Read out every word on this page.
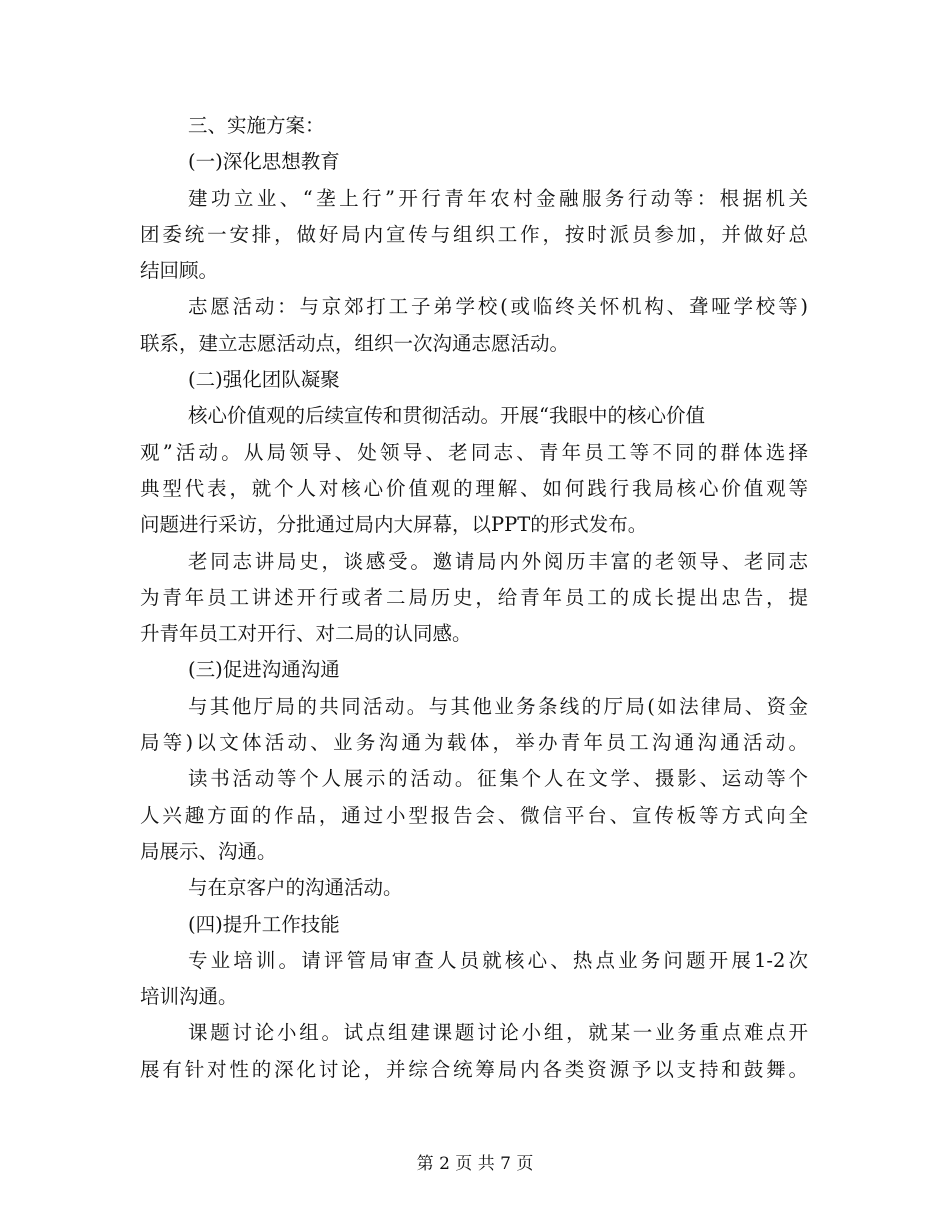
三、实施方案：
(一)深化思想教育
建功立业、“垄上行”开行青年农村金融服务行动等：根据机关
团委统一安排，做好局内宣传与组织工作，按时派员参加，并做好总
结回顾。
志愿活动：与京郊打工子弟学校(或临终关怀机构、聋哑学校等)
联系，建立志愿活动点，组织一次沟通志愿活动。
(二)强化团队凝聚
核心价值观的后续宣传和贯彻活动。开展“我眼中的核心价值
观”活动。从局领导、处领导、老同志、青年员工等不同的群体选择
典型代表，就个人对核心价值观的理解、如何践行我局核心价值观等
问题进行采访，分批通过局内大屏幕，以PPT的形式发布。
老同志讲局史，谈感受。邀请局内外阅历丰富的老领导、老同志
为青年员工讲述开行或者二局历史，给青年员工的成长提出忠告，提
升青年员工对开行、对二局的认同感。
(三)促进沟通沟通
与其他厅局的共同活动。与其他业务条线的厅局(如法律局、资金
局等)以文体活动、业务沟通为载体，举办青年员工沟通沟通活动。
读书活动等个人展示的活动。征集个人在文学、摄影、运动等个
人兴趣方面的作品，通过小型报告会、微信平台、宣传板等方式向全
局展示、沟通。
与在京客户的沟通活动。
(四)提升工作技能
专业培训。请评管局审查人员就核心、热点业务问题开展1-2次
培训沟通。
课题讨论小组。试点组建课题讨论小组，就某一业务重点难点开
展有针对性的深化讨论，并综合统筹局内各类资源予以支持和鼓舞。
第 2 页 共 7 页
